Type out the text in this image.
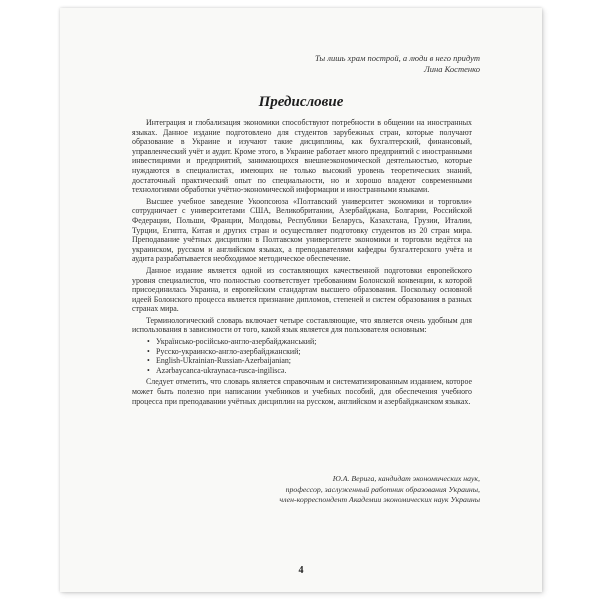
Ты лишь храм построй, а люди в него придут
Лина Костенко
Предисловие

Интеграция и глобализация экономики способствуют потребности в общении на иностранных языках. Данное издание подготовлено для студентов зарубежных стран, которые получают образование в Украине и изучают такие дисциплины, как бухгалтерский, финансовый, управленческий учёт и аудит. Кроме этого, в Украине работает много предприятий с иностранными инвестициями и предприятий, занимающихся внешнеэкономической деятельностью, которые нуждаются в специалистах, имеющих не только высокий уровень теоретических знаний, достаточный практический опыт по специальности, но и хорошо владеют современными технологиями обработки учётно-экономической информации и иностранными языками.

Высшее учебное заведение Укоопсоюза «Полтавский университет экономики и торговли» сотрудничает с университетами США, Великобритании, Азербайджана, Болгарии, Российской Федерации, Польши, Франции, Молдовы, Республики Беларусь, Казахстана, Грузии, Италии, Турции, Египта, Китая и других стран и осуществляет подготовку студентов из 20 стран мира. Преподавание учётных дисциплин в Полтавском университете экономики и торговли ведётся на украинском, русском и английском языках, а преподавателями кафедры бухгалтерского учёта и аудита разрабатывается необходимое методическое обеспечение.

Данное издание является одной из составляющих качественной подготовки европейского уровня специалистов, что полностью соответствует требованиям Болонской конвенции, к которой присоединилась Украина, и европейским стандартам высшего образования. Поскольку основной идеей Болонского процесса является признание дипломов, степеней и систем образования в разных странах мира.

Терминологический словарь включает четыре составляющие, что является очень удобным для использования в зависимости от того, какой язык является для пользователя основным:

• Українсько-російсько-англо-азербайджанський;
• Русско-украинско-англо-азербайджанский;
• English-Ukrainian-Russian-Azerbaijanian;
• Azərbaycanca-ukraynaca-rusca-ingiliscə.

Следует отметить, что словарь является справочным и систематизированным изданием, которое может быть полезно при написании учебников и учебных пособий, для обеспечения учебного процесса при преподавании учётных дисциплин на русском, английском и азербайджанском языках.

Ю.А. Верига, кандидат экономических наук,
профессор, заслуженный работник образования Украины,
член-корреспондент Академии экономических наук Украины
4
